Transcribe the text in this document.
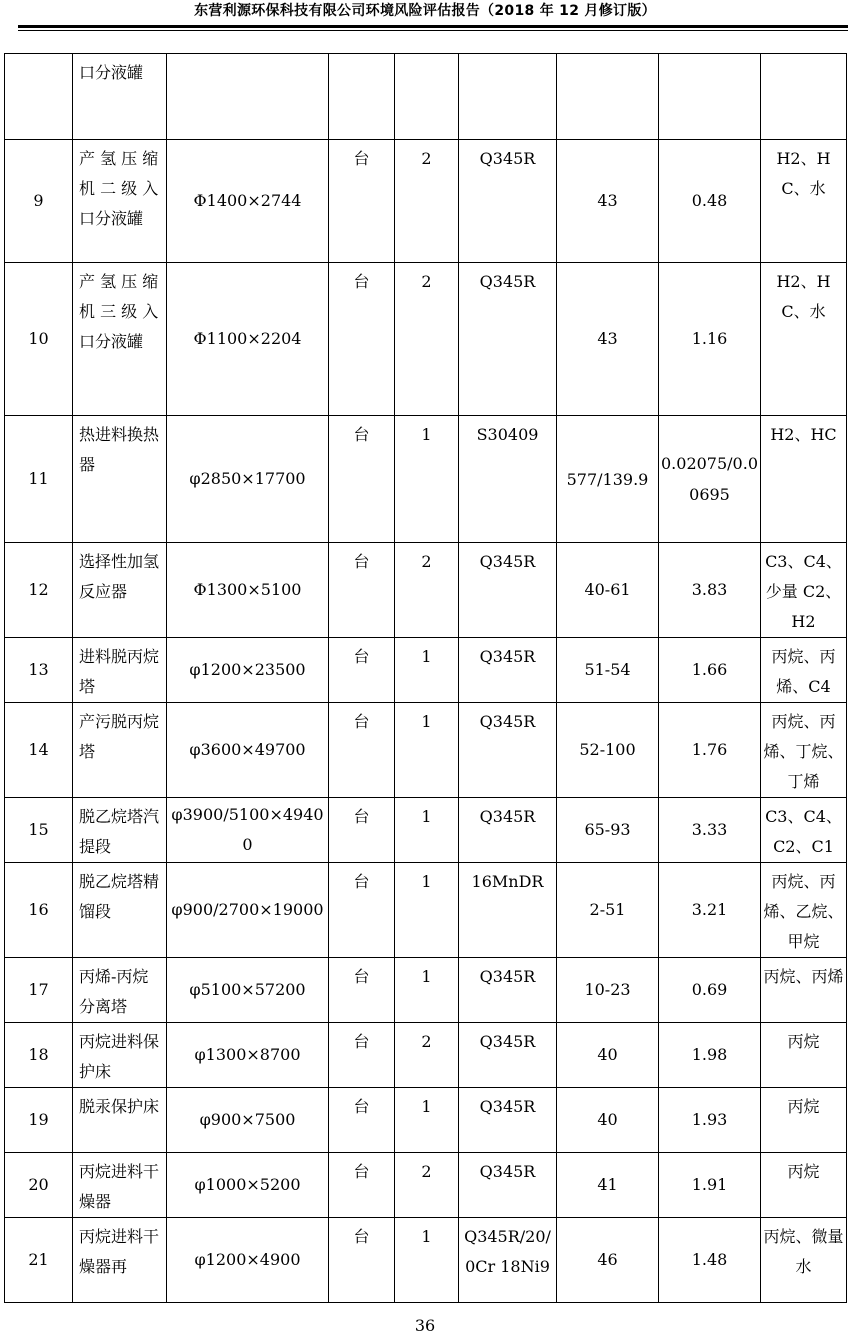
东营利源环保科技有限公司环境风险评估报告（2018 年 12 月修订版）
	口分液罐							
9	产 氢 压 缩机 二 级 入 口分液罐	Φ1400×2744	台	2	Q345R	43	0.48	H2、HC、水
10	产 氢 压 缩 机 三 级 入口分液罐	Φ1100×2204	台	2	Q345R	43	1.16	H2、HC、水
11	热进料换热器	φ2850×17700	台	1	S30409	577/139.9	0.02075/0.00695	H2、HC
12	选择性加氢反应器	Φ1300×5100	台	2	Q345R	40-61	3.83	C3、C4、少量 C2、H2
13	进料脱丙烷塔	φ1200×23500	台	1	Q345R	51-54	1.66	丙烷、丙烯、C4
14	产污脱丙烷塔	φ3600×49700	台	1	Q345R	52-100	1.76	丙烷、丙烯、丁烷、丁烯
15	脱乙烷塔汽提段	φ3900/5100×49400	台	1	Q345R	65-93	3.33	C3、C4、C2、C1
16	脱乙烷塔精馏段	φ900/2700×19000	台	1	16MnDR	2-51	3.21	丙烷、丙烯、乙烷、甲烷
17	丙烯-丙烷分离塔	φ5100×57200	台	1	Q345R	10-23	0.69	丙烷、丙烯
18	丙烷进料保护床	φ1300×8700	台	2	Q345R	40	1.98	丙烷
19	脱汞保护床	φ900×7500	台	1	Q345R	40	1.93	丙烷
20	丙烷进料干燥器	φ1000×5200	台	2	Q345R	41	1.91	丙烷
21	丙烷进料干燥器再	φ1200×4900	台	1	Q345R/20/0Cr 18Ni9	46	1.48	丙烷、微量水
36
